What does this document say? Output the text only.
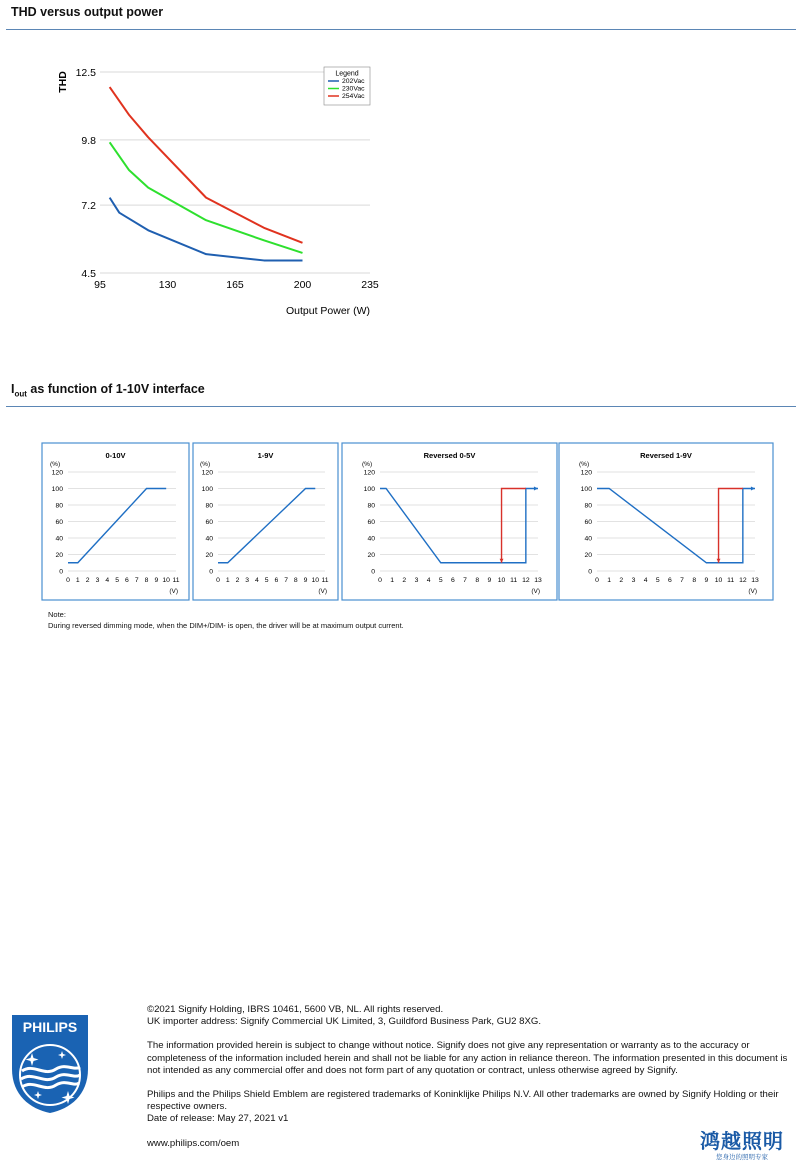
THD versus output power
4.5
7.2
9.8
12.5
95	130	165	200	235
THD
Output Power (W)
Legend
202Vac
230Vac
254Vac
$I_{out}$ as function of 1-10V interface
0-10V
(%)
0
20
40
60
80
100
120
0 1 2 3 4 5 6 7 8 9 10 11
(V)
1-9V
(%)
0
20
40
60
80
100
120
0 1 2 3 4 5 6 7 8 9 10 11
(V)
Reversed 0-5V
(%)
0
20
40
60
80
100
120
0 1 2 3 4 5 6 7 8 9 10 11 12 13
(V)
Reversed 1-9V
(%)
0
20
40
60
80
100
120
0 1 2 3 4 5 6 7 8 9 10 11 12 13
(V)
Note:
During reversed dimming mode, when the DIM+/DIM- is open, the driver will be at maximum output current.
PHILIPS

©2021 Signify Holding, IBRS 10461, 5600 VB, NL. All rights reserved.

UK importer address: Signify Commercial UK Limited, 3, Guildford Business Park, GU2 8XG.

The information provided herein is subject to change without notice. Signify does not give any representation or warranty as to the accuracy or completeness of the information included herein and shall not be liable for any action in reliance thereon. The information presented in this document is not intended as any commercial offer and does not form part of any quotation or contract, unless otherwise agreed by Signify.

Philips and the Philips Shield Emblem are registered trademarks of Koninklijke Philips N.V. All other trademarks are owned by Signify Holding or their respective owners.

Date of release: May 27, 2021 v1

www.philips.com/oem	鸿越照明
您身边的照明专家
